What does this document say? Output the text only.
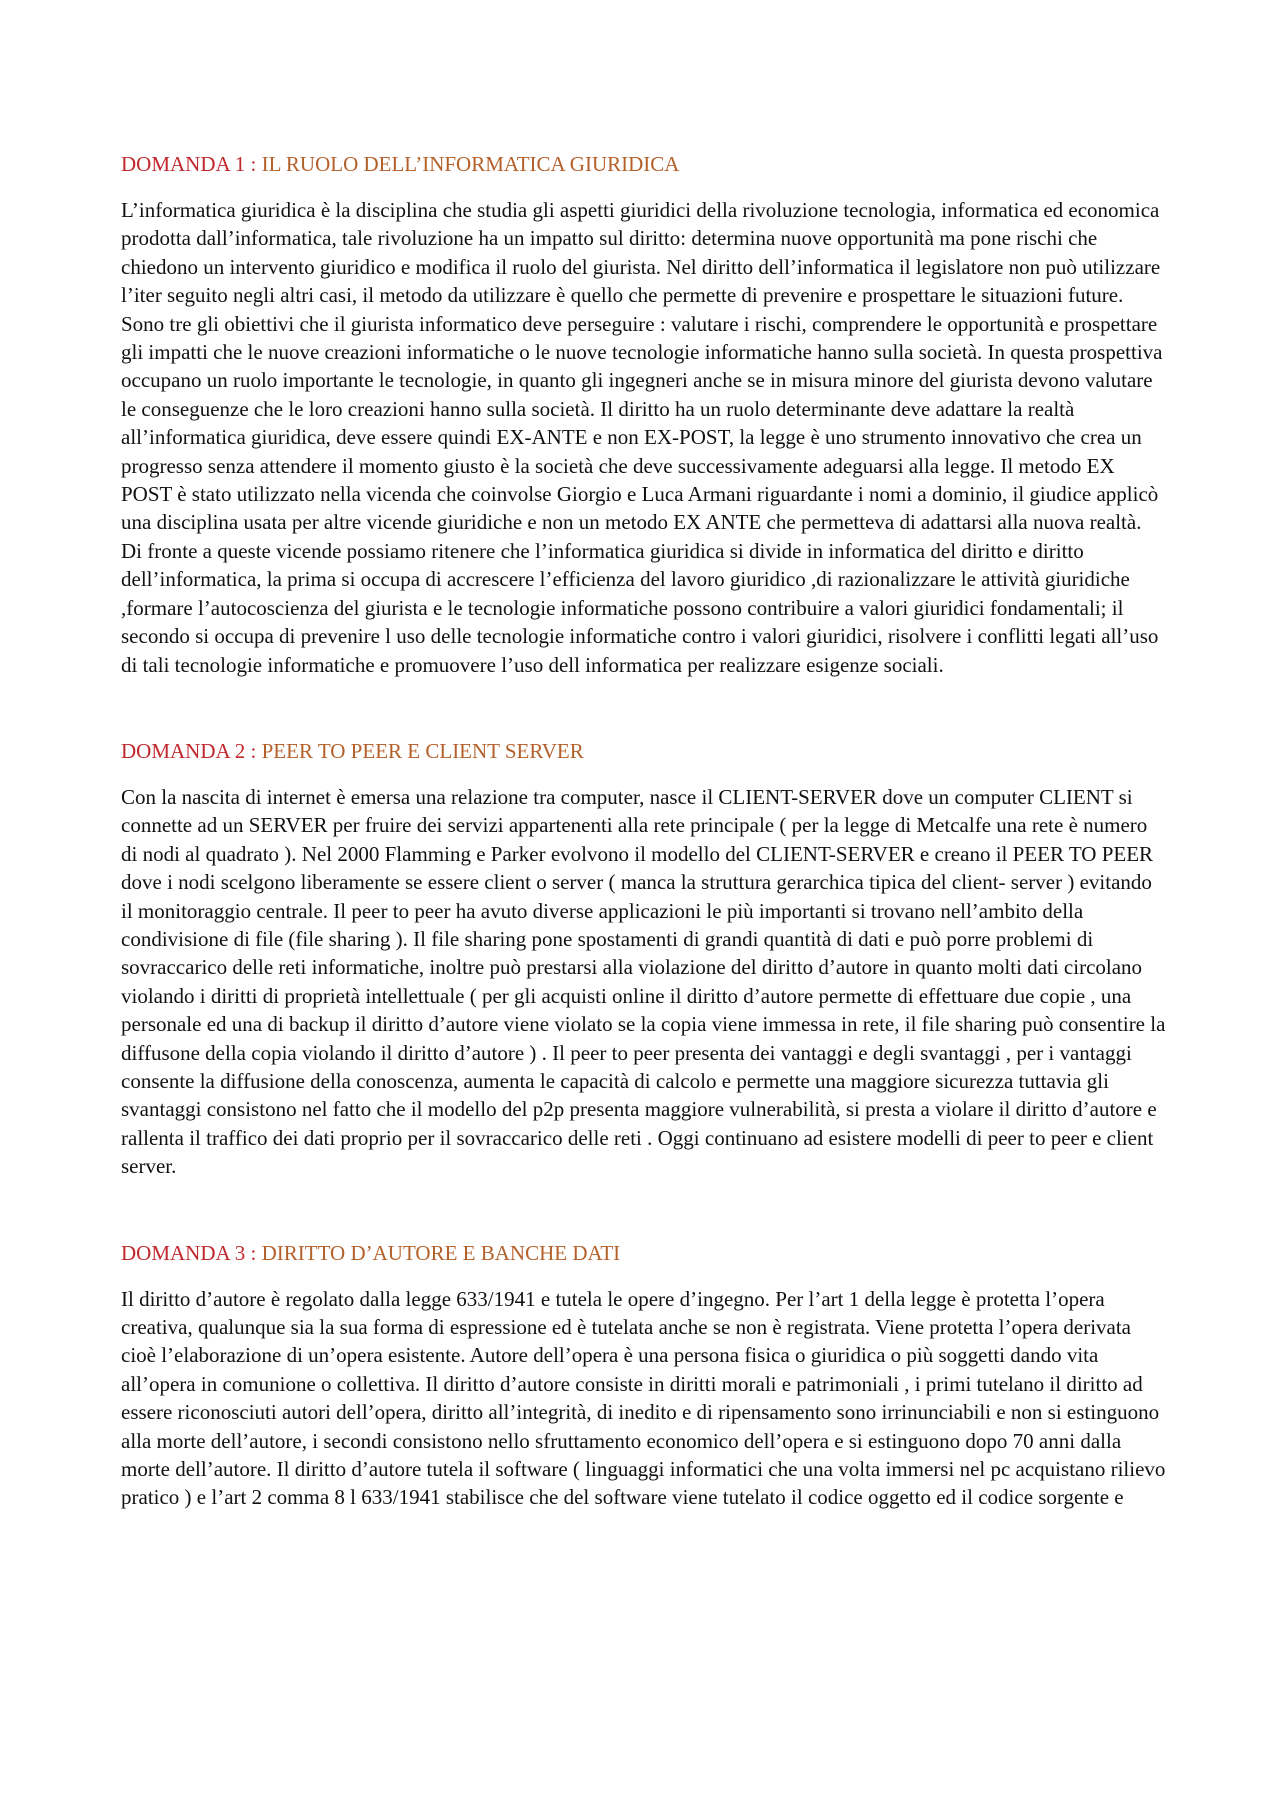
DOMANDA 1 : IL RUOLO DELL’INFORMATICA GIURIDICA

L’informatica giuridica è la disciplina che studia gli aspetti giuridici della rivoluzione tecnologia, informatica ed economica prodotta dall’informatica, tale rivoluzione ha un impatto sul diritto: determina nuove opportunità ma pone rischi che chiedono un intervento giuridico e modifica il ruolo del giurista. Nel diritto dell’informatica il legislatore non può utilizzare l’iter seguito negli altri casi, il metodo da utilizzare è quello che permette di prevenire e prospettare le situazioni future. Sono tre gli obiettivi che il giurista informatico deve perseguire : valutare i rischi, comprendere le opportunità e prospettare gli impatti che le nuove creazioni informatiche o le nuove tecnologie informatiche hanno sulla società. In questa prospettiva occupano un ruolo importante le tecnologie, in quanto gli ingegneri anche se in misura minore del giurista devono valutare le conseguenze che le loro creazioni hanno sulla società. Il diritto ha un ruolo determinante deve adattare la realtà all’informatica giuridica, deve essere quindi EX-ANTE e non EX-POST, la legge è uno strumento innovativo che crea un progresso senza attendere il momento giusto è la società che deve successivamente adeguarsi alla legge. Il metodo EX POST è stato utilizzato nella vicenda che coinvolse Giorgio e Luca Armani riguardante i nomi a dominio, il giudice applicò una disciplina usata per altre vicende giuridiche e non un metodo EX ANTE che permetteva di adattarsi alla nuova realtà. Di fronte a queste vicende possiamo ritenere che l’informatica giuridica si divide in informatica del diritto e diritto dell’informatica, la prima si occupa di accrescere l’efficienza del lavoro giuridico ,di razionalizzare le attività giuridiche ,formare l’autocoscienza del giurista e le tecnologie informatiche possono contribuire a valori giuridici fondamentali; il secondo si occupa di prevenire l uso delle tecnologie informatiche contro i valori giuridici, risolvere i conflitti legati all’uso di tali tecnologie informatiche e promuovere l’uso dell informatica per realizzare esigenze sociali.

DOMANDA 2 : PEER TO PEER E CLIENT SERVER

Con la nascita di internet è emersa una relazione tra computer, nasce il CLIENT-SERVER dove un computer CLIENT si connette ad un SERVER per fruire dei servizi appartenenti alla rete principale ( per la legge di Metcalfe una rete è numero di nodi al quadrato ). Nel 2000 Flamming e Parker evolvono il modello del CLIENT-SERVER e creano il PEER TO PEER dove i nodi scelgono liberamente se essere client o server ( manca la struttura gerarchica tipica del client- server ) evitando il monitoraggio centrale. Il peer to peer ha avuto diverse applicazioni le più importanti si trovano nell’ambito della condivisione di file (file sharing ). Il file sharing pone spostamenti di grandi quantità di dati e può porre problemi di sovraccarico delle reti informatiche, inoltre può prestarsi alla violazione del diritto d’autore in quanto molti dati circolano violando i diritti di proprietà intellettuale ( per gli acquisti online il diritto d’autore permette di effettuare due copie , una personale ed una di backup il diritto d’autore viene violato se la copia viene immessa in rete, il file sharing può consentire la diffusone della copia violando il diritto d’autore ) . Il peer to peer presenta dei vantaggi e degli svantaggi , per i vantaggi consente la diffusione della conoscenza, aumenta le capacità di calcolo e permette una maggiore sicurezza tuttavia gli svantaggi consistono nel fatto che il modello del p2p presenta maggiore vulnerabilità, si presta a violare il diritto d’autore e rallenta il traffico dei dati proprio per il sovraccarico delle reti . Oggi continuano ad esistere modelli di peer to peer e client server.

DOMANDA 3 : DIRITTO D’AUTORE E BANCHE DATI

Il diritto d’autore è regolato dalla legge 633/1941 e tutela le opere d’ingegno. Per l’art 1 della legge è protetta l’opera creativa, qualunque sia la sua forma di espressione ed è tutelata anche se non è registrata. Viene protetta l’opera derivata cioè l’elaborazione di un’opera esistente. Autore dell’opera è una persona fisica o giuridica o più soggetti dando vita all’opera in comunione o collettiva. Il diritto d’autore consiste in diritti morali e patrimoniali , i primi tutelano il diritto ad essere riconosciuti autori dell’opera, diritto all’integrità, di inedito e di ripensamento sono irrinunciabili e non si estinguono alla morte dell’autore, i secondi consistono nello sfruttamento economico dell’opera e si estinguono dopo 70 anni dalla morte dell’autore. Il diritto d’autore tutela il software ( linguaggi informatici che una volta immersi nel pc acquistano rilievo pratico ) e l’art 2 comma 8 l 633/1941 stabilisce che del software viene tutelato il codice oggetto ed il codice sorgente e
